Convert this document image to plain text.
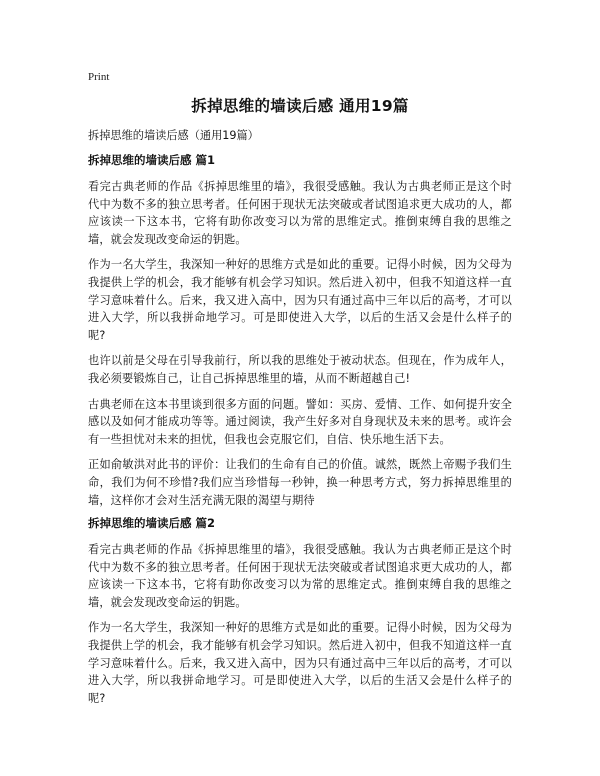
Print
拆掉思维的墙读后感 通用19篇

拆掉思维的墙读后感（通用19篇）

拆掉思维的墙读后感 篇1

看完古典老师的作品《拆掉思维里的墙》，我很受感触。我认为古典老师正是这个时代中为数不多的独立思考者。任何困于现状无法突破或者试图追求更大成功的人，都应该读一下这本书，它将有助你改变习以为常的思维定式。推倒束缚自我的思维之墙，就会发现改变命运的钥匙。

作为一名大学生，我深知一种好的思维方式是如此的重要。记得小时候，因为父母为我提供上学的机会，我才能够有机会学习知识。然后进入初中，但我不知道这样一直学习意味着什么。后来，我又进入高中，因为只有通过高中三年以后的高考，才可以进入大学，所以我拼命地学习。可是即使进入大学，以后的生活又会是什么样子的呢?

也许以前是父母在引导我前行，所以我的思维处于被动状态。但现在，作为成年人，我必须要锻炼自己，让自己拆掉思维里的墙，从而不断超越自己!

古典老师在这本书里谈到很多方面的问题。譬如：买房、爱情、工作、如何提升安全感以及如何才能成功等等。通过阅读，我产生好多对自身现状及未来的思考。或许会有一些担忧对未来的担忧，但我也会克服它们，自信、快乐地生活下去。

正如俞敏洪对此书的评价：让我们的生命有自己的价值。诚然，既然上帝赐予我们生命，我们为何不珍惜?我们应当珍惜每一秒钟，换一种思考方式，努力拆掉思维里的墙，这样你才会对生活充满无限的渴望与期待

拆掉思维的墙读后感 篇2

看完古典老师的作品《拆掉思维里的墙》，我很受感触。我认为古典老师正是这个时代中为数不多的独立思考者。任何困于现状无法突破或者试图追求更大成功的人，都应该读一下这本书，它将有助你改变习以为常的思维定式。推倒束缚自我的思维之墙，就会发现改变命运的钥匙。

作为一名大学生，我深知一种好的思维方式是如此的重要。记得小时候，因为父母为我提供上学的机会，我才能够有机会学习知识。然后进入初中，但我不知道这样一直学习意味着什么。后来，我又进入高中，因为只有通过高中三年以后的高考，才可以进入大学，所以我拼命地学习。可是即使进入大学，以后的生活又会是什么样子的呢?
